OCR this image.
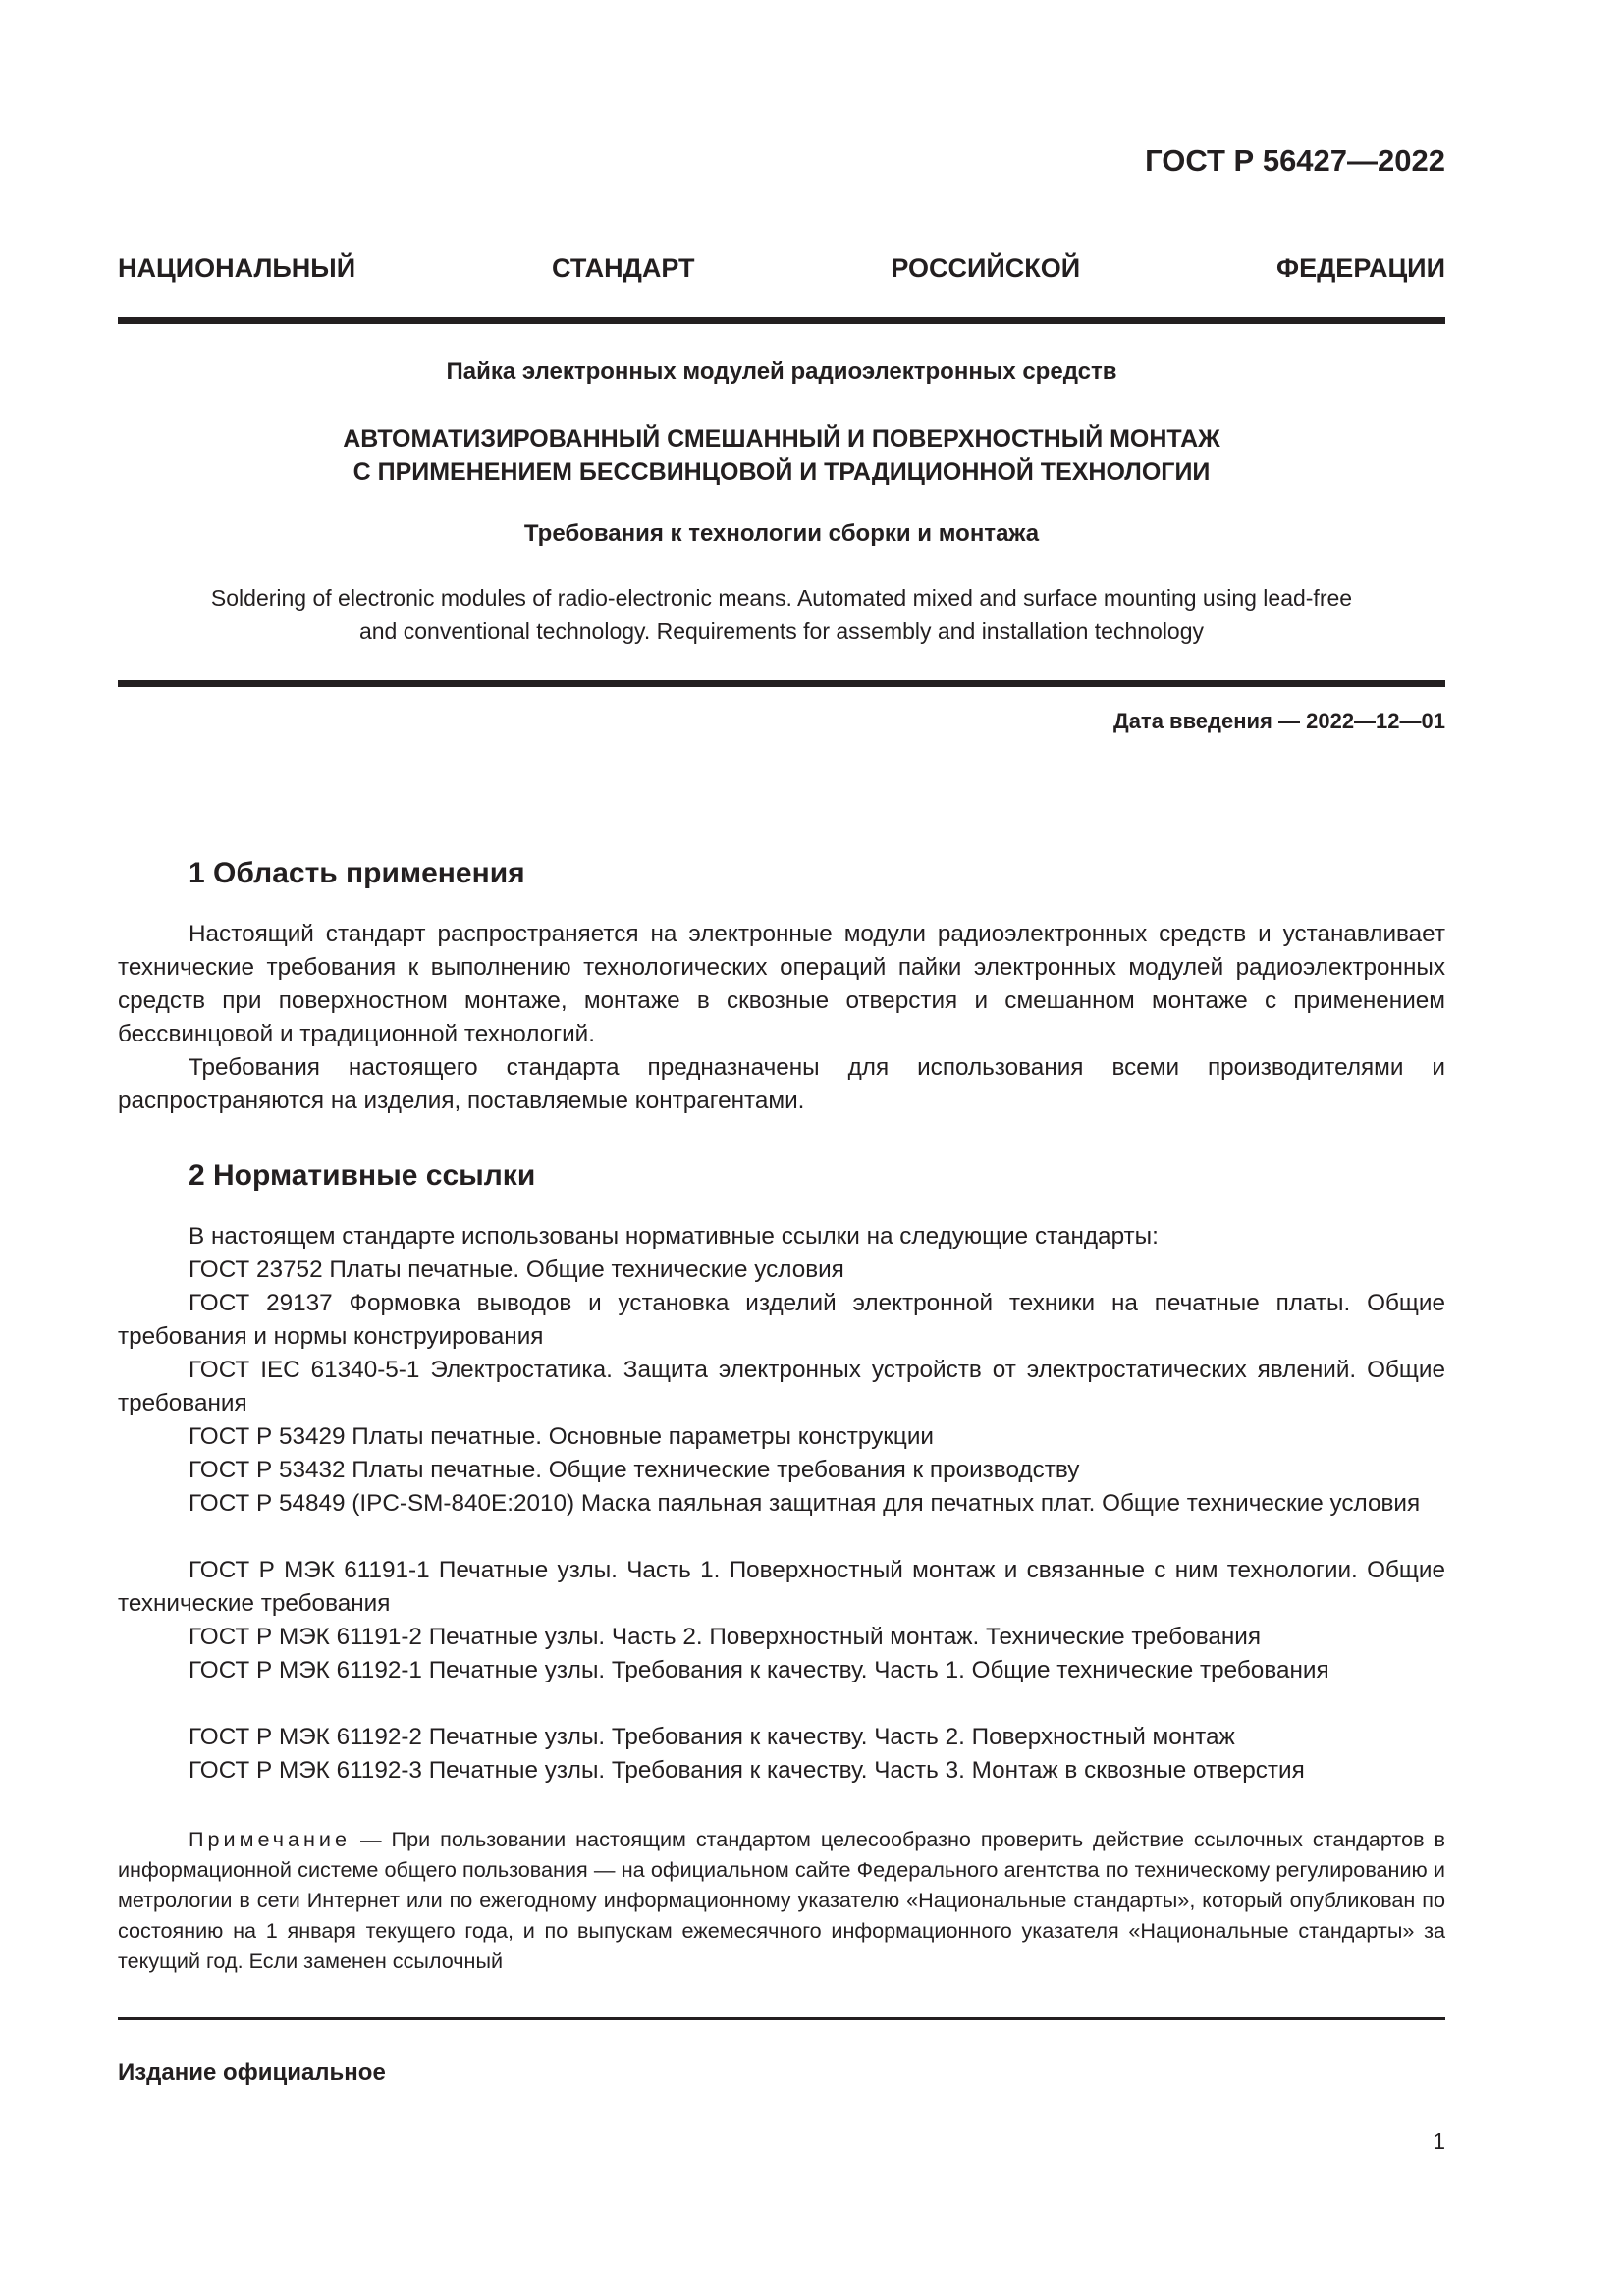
ГОСТ Р 56427—2022
НАЦИОНАЛЬНЫЙ СТАНДАРТ РОССИЙСКОЙ ФЕДЕРАЦИИ
Пайка электронных модулей радиоэлектронных средств
АВТОМАТИЗИРОВАННЫЙ СМЕШАННЫЙ И ПОВЕРХНОСТНЫЙ МОНТАЖ
С ПРИМЕНЕНИЕМ БЕССВИНЦОВОЙ И ТРАДИЦИОННОЙ ТЕХНОЛОГИИ
Требования к технологии сборки и монтажа
Soldering of electronic modules of radio-electronic means. Automated mixed and surface mounting using lead-free
and conventional technology. Requirements for assembly and installation technology
Дата введения — 2022—12—01
1 Область применения

Настоящий стандарт распространяется на электронные модули радиоэлектронных средств и устанавливает технические требования к выполнению технологических операций пайки электронных модулей радиоэлектронных средств при поверхностном монтаже, монтаже в сквозные отверстия и смешанном монтаже с применением бессвинцовой и традиционной технологий.

Требования настоящего стандарта предназначены для использования всеми производителями и распространяются на изделия, поставляемые контрагентами.

2 Нормативные ссылки

В настоящем стандарте использованы нормативные ссылки на следующие стандарты:

ГОСТ 23752 Платы печатные. Общие технические условия

ГОСТ 29137 Формовка выводов и установка изделий электронной техники на печатные платы. Общие требования и нормы конструирования

ГОСТ IEC 61340-5-1 Электростатика. Защита электронных устройств от электростатических явлений. Общие требования

ГОСТ Р 53429 Платы печатные. Основные параметры конструкции

ГОСТ Р 53432 Платы печатные. Общие технические требования к производству

ГОСТ Р 54849 (IPC-SM-840E:2010) Маска паяльная защитная для печатных плат. Общие технические условия

ГОСТ Р МЭК 61191-1 Печатные узлы. Часть 1. Поверхностный монтаж и связанные с ним технологии. Общие технические требования

ГОСТ Р МЭК 61191-2 Печатные узлы. Часть 2. Поверхностный монтаж. Технические требования

ГОСТ Р МЭК 61192-1 Печатные узлы. Требования к качеству. Часть 1. Общие технические требования

ГОСТ Р МЭК 61192-2 Печатные узлы. Требования к качеству. Часть 2. Поверхностный монтаж

ГОСТ Р МЭК 61192-3 Печатные узлы. Требования к качеству. Часть 3. Монтаж в сквозные отверстия

Примечание — При пользовании настоящим стандартом целесообразно проверить действие ссылочных стандартов в информационной системе общего пользования — на официальном сайте Федерального агентства по техническому регулированию и метрологии в сети Интернет или по ежегодному информационному указателю «Национальные стандарты», который опубликован по состоянию на 1 января текущего года, и по выпускам ежемесячного информационного указателя «Национальные стандарты» за текущий год. Если заменен ссылочный

Издание официальное
1
